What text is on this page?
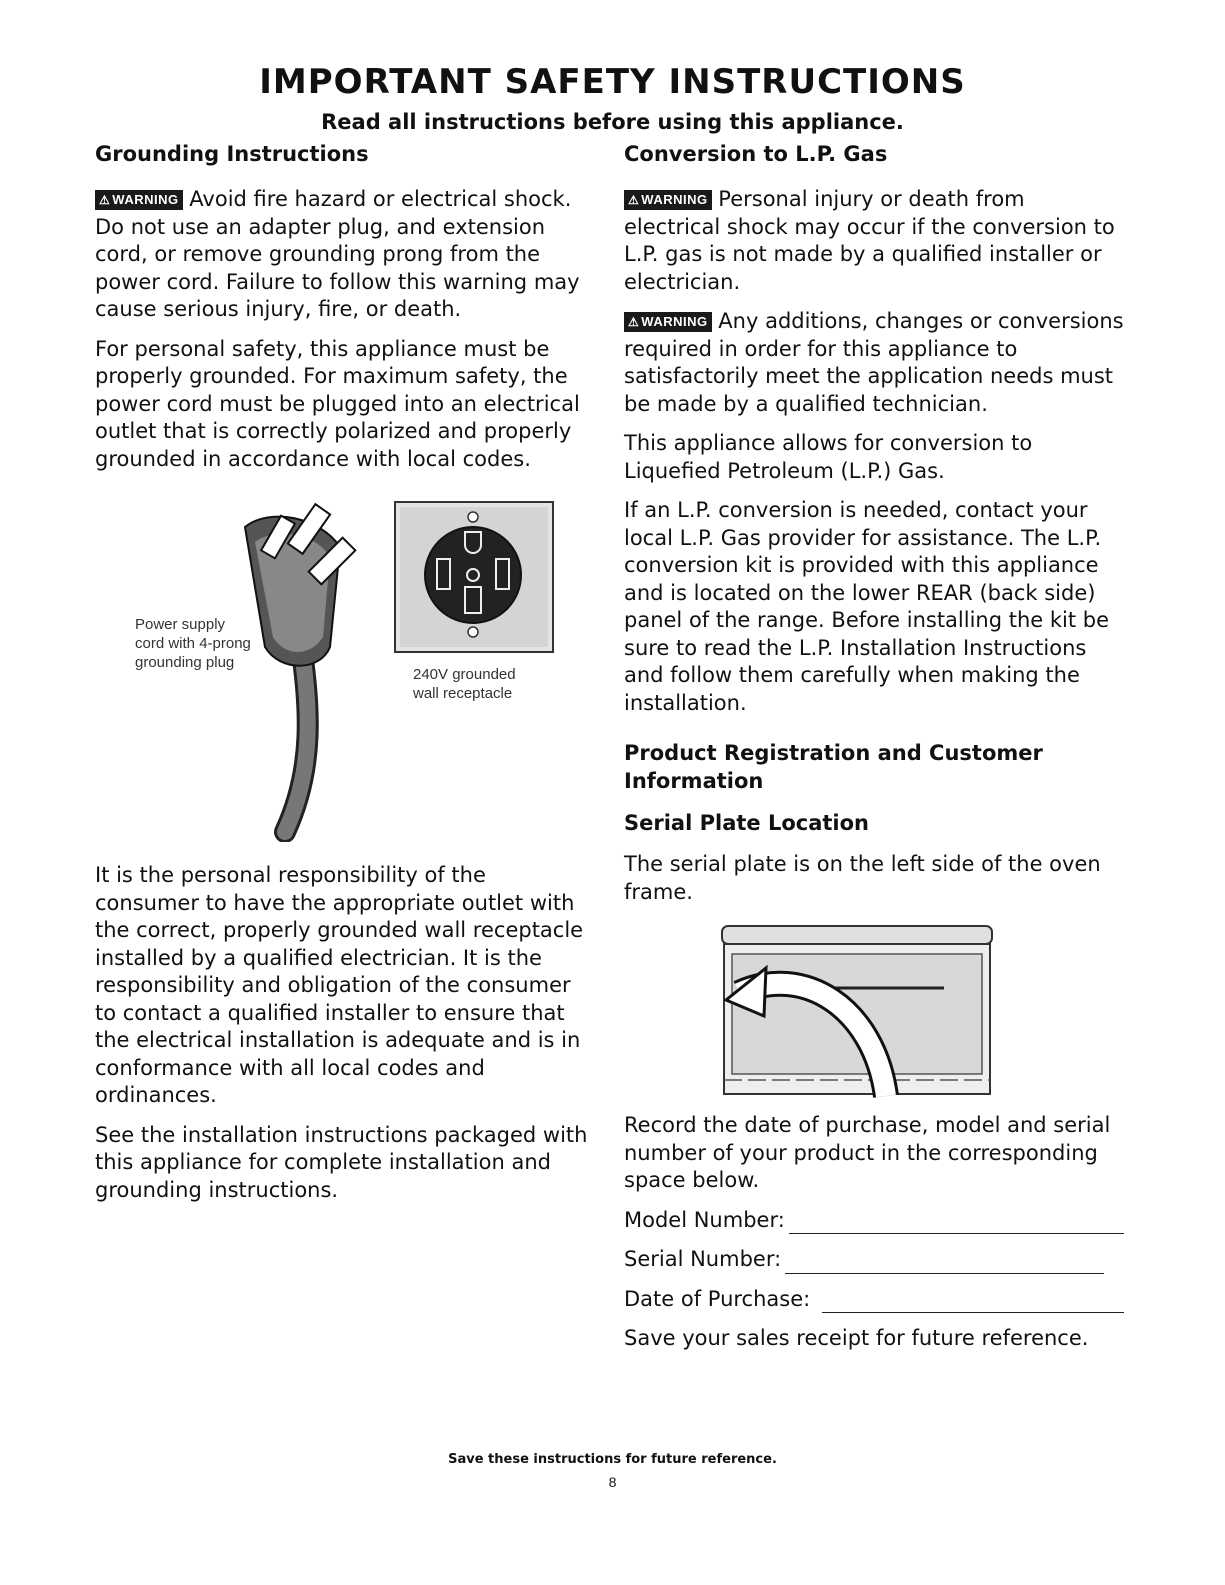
IMPORTANT SAFETY INSTRUCTIONS
Read all instructions before using this appliance.
Grounding Instructions

⚠ WARNING Avoid fire hazard or electrical shock. Do not use an adapter plug, and extension cord, or remove grounding prong from the power cord. Failure to follow this warning may cause serious injury, fire, or death.

For personal safety, this appliance must be properly grounded. For maximum safety, the power cord must be plugged into an electrical outlet that is correctly polarized and properly grounded in accordance with local codes.

Power supply
cord with 4-prong
grounding plug
240V grounded
wall receptacle

It is the personal responsibility of the consumer to have the appropriate outlet with the correct, properly grounded wall receptacle installed by a qualified electrician. It is the responsibility and obligation of the consumer to contact a qualified installer to ensure that the electrical installation is adequate and is in conformance with all local codes and ordinances.

See the installation instructions packaged with this appliance for complete installation and grounding instructions.

Conversion to L.P. Gas

⚠ WARNING Personal injury or death from electrical shock may occur if the conversion to L.P. gas is not made by a qualified installer or electrician.

⚠ WARNING Any additions, changes or conversions required in order for this appliance to satisfactorily meet the application needs must be made by a qualified technician.

This appliance allows for conversion to Liquefied Petroleum (L.P.) Gas.

If an L.P. conversion is needed, contact your local L.P. Gas provider for assistance. The L.P. conversion kit is provided with this appliance and is located on the lower REAR (back side) panel of the range. Before installing the kit be sure to read the L.P. Installation Instructions and follow them carefully when making the installation.

Product Registration and Customer Information
Serial Plate Location

The serial plate is on the left side of the oven frame.

Record the date of purchase, model and serial number of your product in the corresponding space below.

Model Number:
Serial Number:
Date of Purchase:

Save your sales receipt for future reference.

Save these instructions for future reference.
8
